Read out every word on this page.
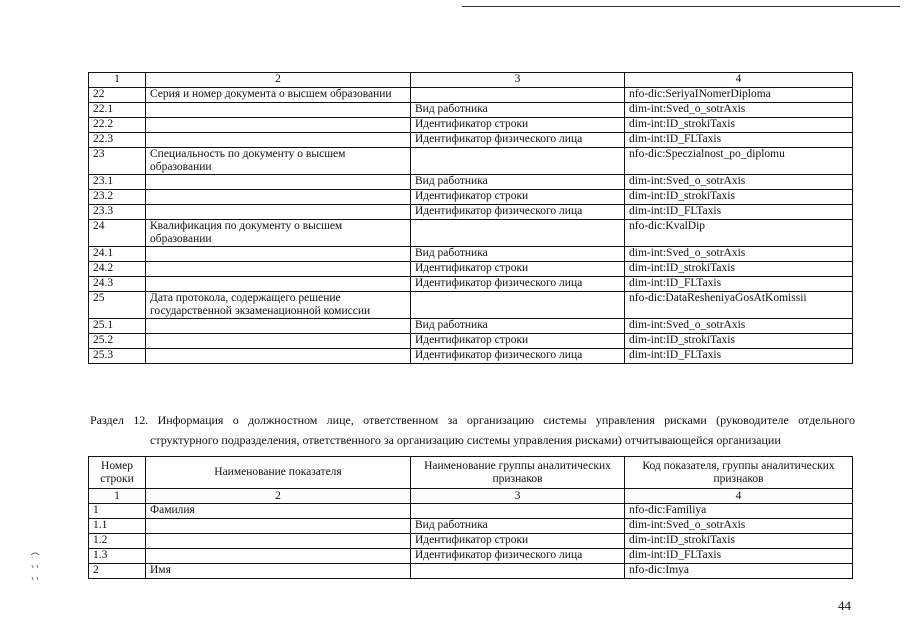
1	2	3	4
22	Серия и номер документа о высшем образовании		nfo-dic:SeriyaINomerDiploma
22.1		Вид работника	dim-int:Sved_o_sotrAxis
22.2		Идентификатор строки	dim-int:ID_strokiTaxis
22.3		Идентификатор физического лица	dim-int:ID_FLTaxis
23	Специальность по документу о высшем образовании		nfo-dic:Speczialnost_po_diplomu
23.1		Вид работника	dim-int:Sved_o_sotrAxis
23.2		Идентификатор строки	dim-int:ID_strokiTaxis
23.3		Идентификатор физического лица	dim-int:ID_FLTaxis
24	Квалификация по документу о высшем образовании		nfo-dic:KvalDip
24.1		Вид работника	dim-int:Sved_o_sotrAxis
24.2		Идентификатор строки	dim-int:ID_strokiTaxis
24.3		Идентификатор физического лица	dim-int:ID_FLTaxis
25	Дата протокола, содержащего решение государственной экзаменационной комиссии		nfo-dic:DataResheniyaGosAtKomissii
25.1		Вид работника	dim-int:Sved_o_sotrAxis
25.2		Идентификатор строки	dim-int:ID_strokiTaxis
25.3		Идентификатор физического лица	dim-int:ID_FLTaxis
Раздел 12. Информация о должностном лице, ответственном за организацию системы управления рисками (руководителе отдельного
структурного подразделения, ответственного за организацию системы управления рисками) отчитывающейся организации
Номер строки	Наименование показателя	Наименование группы аналитических признаков	Код показателя, группы аналитических признаков
1	2	3	4
1	Фамилия		nfo-dic:Familiya
1.1		Вид работника	dim-int:Sved_o_sotrAxis
1.2		Идентификатор строки	dim-int:ID_strokiTaxis
1.3		Идентификатор физического лица	dim-int:ID_FLTaxis
2	Имя		nfo-dic:Imya
44
